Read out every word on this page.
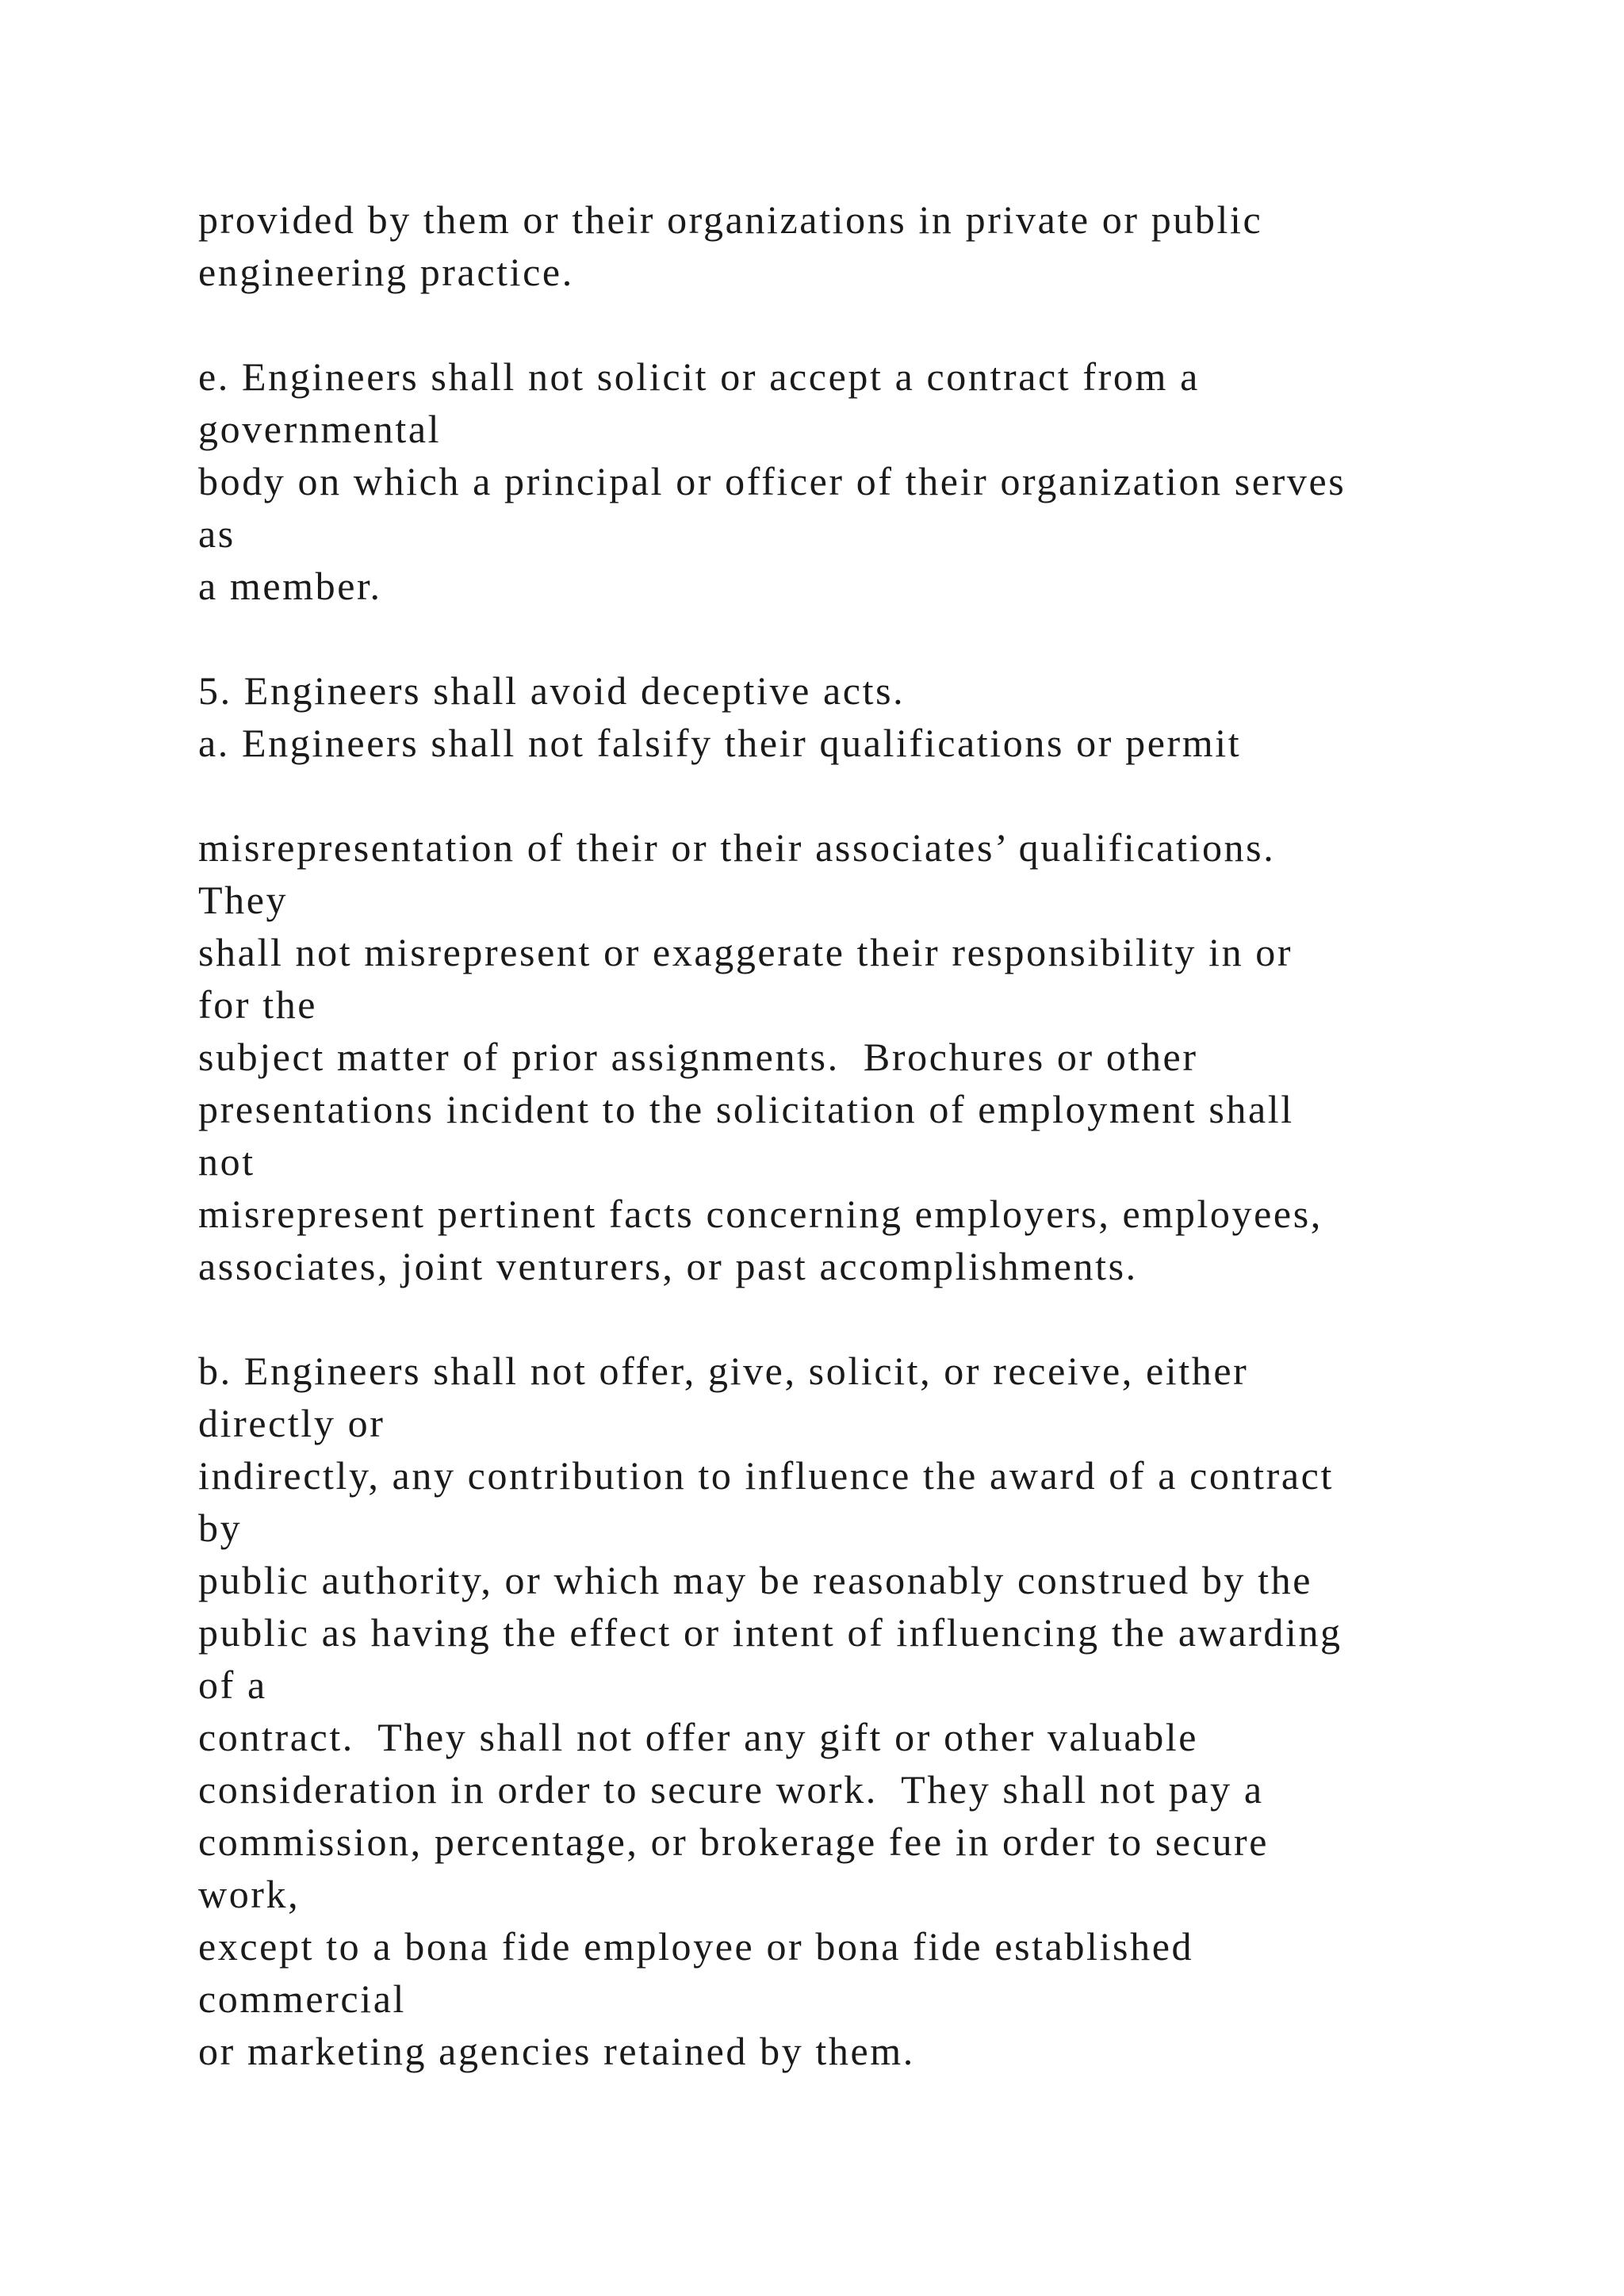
provided by them or their organizations in private or public
engineering practice.
e. Engineers shall not solicit or accept a contract from a
governmental
body on which a principal or officer of their organization serves
as
a member.
5. Engineers shall avoid deceptive acts.
a. Engineers shall not falsify their qualifications or permit
misrepresentation of their or their associates’ qualifications.
They
shall not misrepresent or exaggerate their responsibility in or
for the
subject matter of prior assignments.  Brochures or other
presentations incident to the solicitation of employment shall
not
misrepresent pertinent facts concerning employers, employees,
associates, joint venturers, or past accomplishments.
b. Engineers shall not offer, give, solicit, or receive, either
directly or
indirectly, any contribution to influence the award of a contract
by
public authority, or which may be reasonably construed by the
public as having the effect or intent of influencing the awarding
of a
contract.  They shall not offer any gift or other valuable
consideration in order to secure work.  They shall not pay a
commission, percentage, or brokerage fee in order to secure
work,
except to a bona fide employee or bona fide established
commercial
or marketing agencies retained by them.
